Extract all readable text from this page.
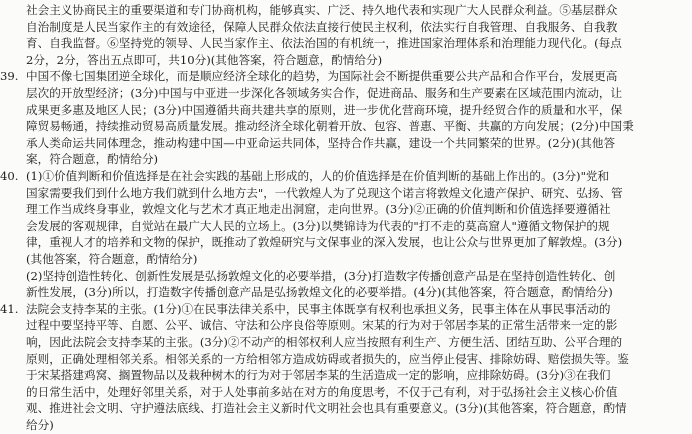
社会主义协商民主的重要渠道和专门协商机构，能够真实、广泛、持久地代表和实现广大人民群众利益。⑤基层群众
自治制度是人民当家作主的有效途径，保障人民群众依法直接行使民主权利，依法实行自我管理、自我服务、自我教
育、自我监督。⑥坚持党的领导、人民当家作主、依法治国的有机统一，推进国家治理体系和治理能力现代化。(每点
2分，2分，答出五点即可，共10分)(其他答案，符合题意，酌情给分)
39. 中国不像七国集团逆全球化，而是顺应经济全球化的趋势，为国际社会不断提供重要公共产品和合作平台，发展更高
层次的开放型经济；(3分)中国与中亚进一步深化各领域务实合作，促进商品、服务和生产要素在区域范围内流动，让
成果更多惠及地区人民；(3分)中国遵循共商共建共享的原则，进一步优化营商环境，提升经贸合作的质量和水平，保
障贸易畅通，持续推动贸易高质量发展。推动经济全球化朝着开放、包容、普惠、平衡、共赢的方向发展；(2分)中国秉
承人类命运共同体理念，推动构建中国—中亚命运共同体，坚持合作共赢，建设一个共同繁荣的世界。(2分)(其他答
案，符合题意，酌情给分)
40. (1)①价值判断和价值选择是在社会实践的基础上形成的，人的价值选择是在价值判断的基础上作出的。(3分)"党和
国家需要我们到什么地方我们就到什么地方去"，一代敦煌人为了兑现这个诺言将敦煌文化遗产保护、研究、弘扬、管
理工作当成终身事业，敦煌文化与艺术才真正地走出洞窟，走向世界。(3分)②正确的价值判断和价值选择要遵循社
会发展的客观规律，自觉站在最广大人民的立场上。(3分)以樊锦诗为代表的"打不走的莫高窟人"遵循文物保护的规
律，重视人才的培养和文物的保护，既推动了敦煌研究与文保事业的深入发展，也让公众与世界更加了解敦煌。(3分)
(其他答案，符合题意，酌情给分)
(2)坚持创造性转化、创新性发展是弘扬敦煌文化的必要举措，(3分)打造数字传播创意产品是在坚持创造性转化、创
新性发展，(3分)所以，打造数字传播创意产品是弘扬敦煌文化的必要举措。(4分)(其他答案，符合题意，酌情给分)
41. 法院会支持李某的主张。(1分)①在民事法律关系中，民事主体既享有权利也承担义务，民事主体在从事民事活动的
过程中要坚持平等、自愿、公平、诚信、守法和公序良俗等原则。宋某的行为对于邻居李某的正常生活带来一定的影
响，因此法院会支持李某的主张。(3分)②不动产的相邻权利人应当按照有利生产、方便生活、团结互助、公平合理的
原则，正确处理相邻关系。相邻关系的一方给相邻方造成妨碍或者损失的，应当停止侵害、排除妨碍、赔偿损失等。鉴
于宋某搭建鸡窝、搁置物品以及栽种树木的行为对于邻居李某的生活造成一定的影响，应排除妨碍。(3分)③在我们
的日常生活中，处理好邻里关系，对于人处事前多站在对方的角度思考，不仅于己有利，对于弘扬社会主义核心价值
观、推进社会文明、守护遵法底线、打造社会主义新时代文明社会也具有重要意义。(3分)(其他答案，符合题意，酌情
给分)
